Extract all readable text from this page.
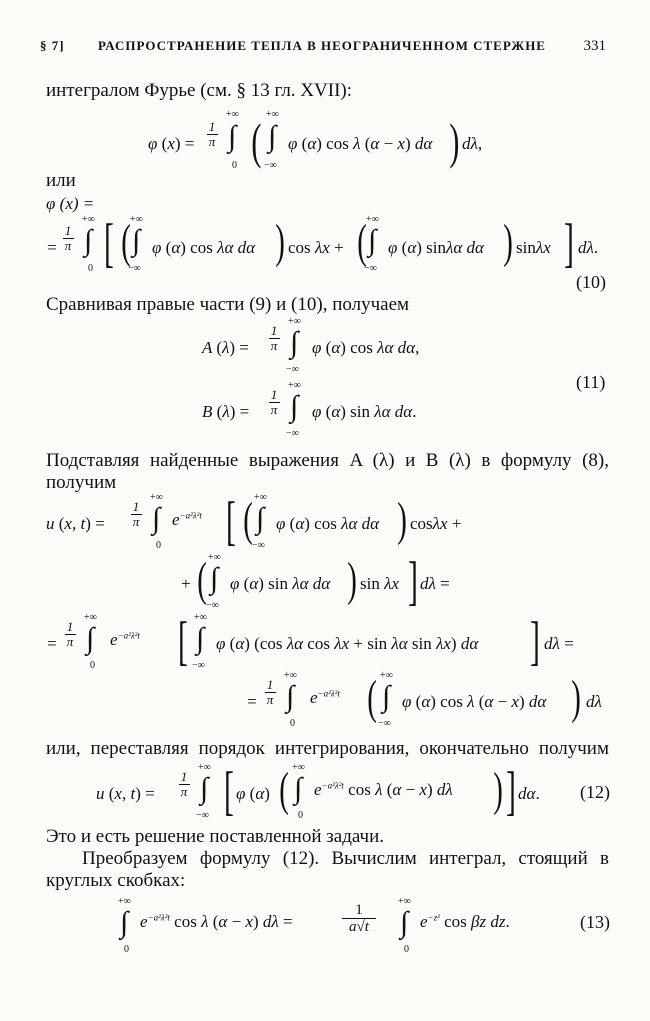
§ 7]	РАСПРОСТРАНЕНИЕ ТЕПЛА В НЕОГРАНИЧЕННОМ СТЕРЖНЕ	331
интегралом Фурье (см. § 13 гл. XVII):
φ (x) =
1
π
+∞
∫
0 ( +∞
∫
−∞
φ (α) cos λ (α − x) dα ) dλ,
или
φ (x) =
=
1
π
+∞
∫
0 [ ( +∞
∫
−∞
φ (α) cos λα dα ) cos λx + ( +∞
∫
−∞
φ (α) sinλα dα ) sinλx ] dλ.
(10)
Сравнивая правые части (9) и (10), получаем
A (λ) =
1
π
+∞
∫
−∞
φ (α) cos λα dα,
B (λ) =
1
π
+∞
∫
−∞
φ (α) sin λα dα.
(11)
Подставляя найденные выражения A (λ) и B (λ) в формулу (8),
получим
u (x, t) =
1
π
+∞
∫
0
$e^{-a^2\lambda^2t}$ [ ( +∞
∫
−∞
φ (α) cos λα dα ) cosλx +
+ ( +∞
∫
−∞
φ (α) sin λα dα ) sin λx ] dλ =
=
1
π
+∞
∫
0
$e^{-a^2\lambda^2t}$ [ +∞
∫
−∞
φ (α) (cos λα cos λx + sin λα sin λx) dα ] dλ =
=
1
π
+∞
∫
0
$e^{-a^2\lambda^2t}$ ( +∞
∫
−∞
φ (α) cos λ (α − x) dα ) dλ
или, переставляя порядок интегрирования, окончательно получим
u (x, t) =
1
π
+∞
∫
−∞ [ φ (α) ( +∞
∫
0
$e^{-a^2\lambda^2t}$ cos λ (α − x) dλ ) ] dα. (12)
Это и есть решение поставленной задачи.
Преобразуем формулу (12). Вычислим интеграл, стоящий в
круглых скобках:
+∞
∫
0
$e^{-a^2\lambda^2t}$ cos λ (α − x) dλ =
1
a√t
+∞
∫
0
$e^{-z^2}$ cos βz dz.	(13)
